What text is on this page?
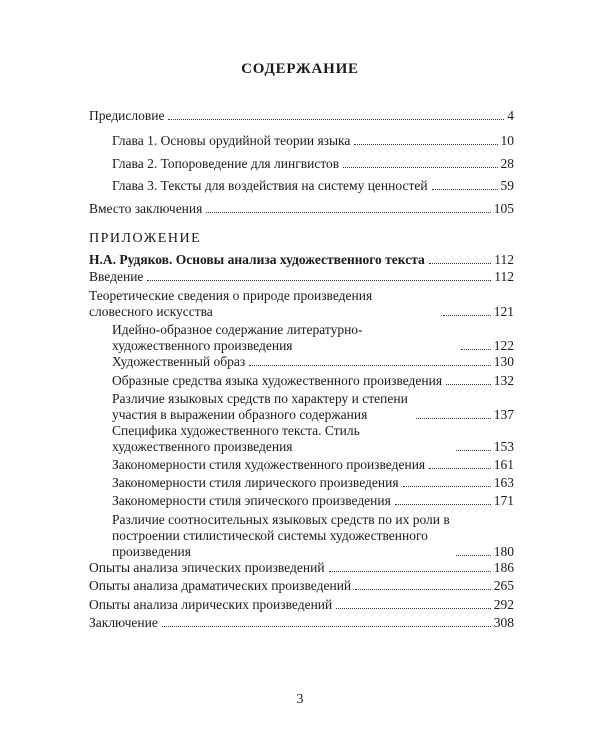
СОДЕРЖАНИЕ
Предисловие	4
Глава 1. Основы орудийной теории языка	10
Глава 2. Топороведение для лингвистов	28
Глава 3. Тексты для воздействия на систему ценностей	59
Вместо заключения	105
ПРИЛОЖЕНИЕ
Н.А. Рудяков. Основы анализа художественного текста	112
Введение	112
Теоретические сведения о природе произведения словесного искусства	121
Идейно-образное содержание литературно-художественного произведения	122
Художественный образ	130
Образные средства языка художественного произведения	132
Различие языковых средств по характеру и степени участия в выражении образного содержания	137
Специфика художественного текста. Стиль художественного произведения	153
Закономерности стиля художественного произведения	161
Закономерности стиля лирического произведения	163
Закономерности стиля эпического произведения	171
Различие соотносительных языковых средств по их роли в построении стилистической системы художественного произведения	180
Опыты анализа эпических произведений	186
Опыты анализа драматических произведений	265
Опыты анализа лирических произведений	292
Заключение	308
3
